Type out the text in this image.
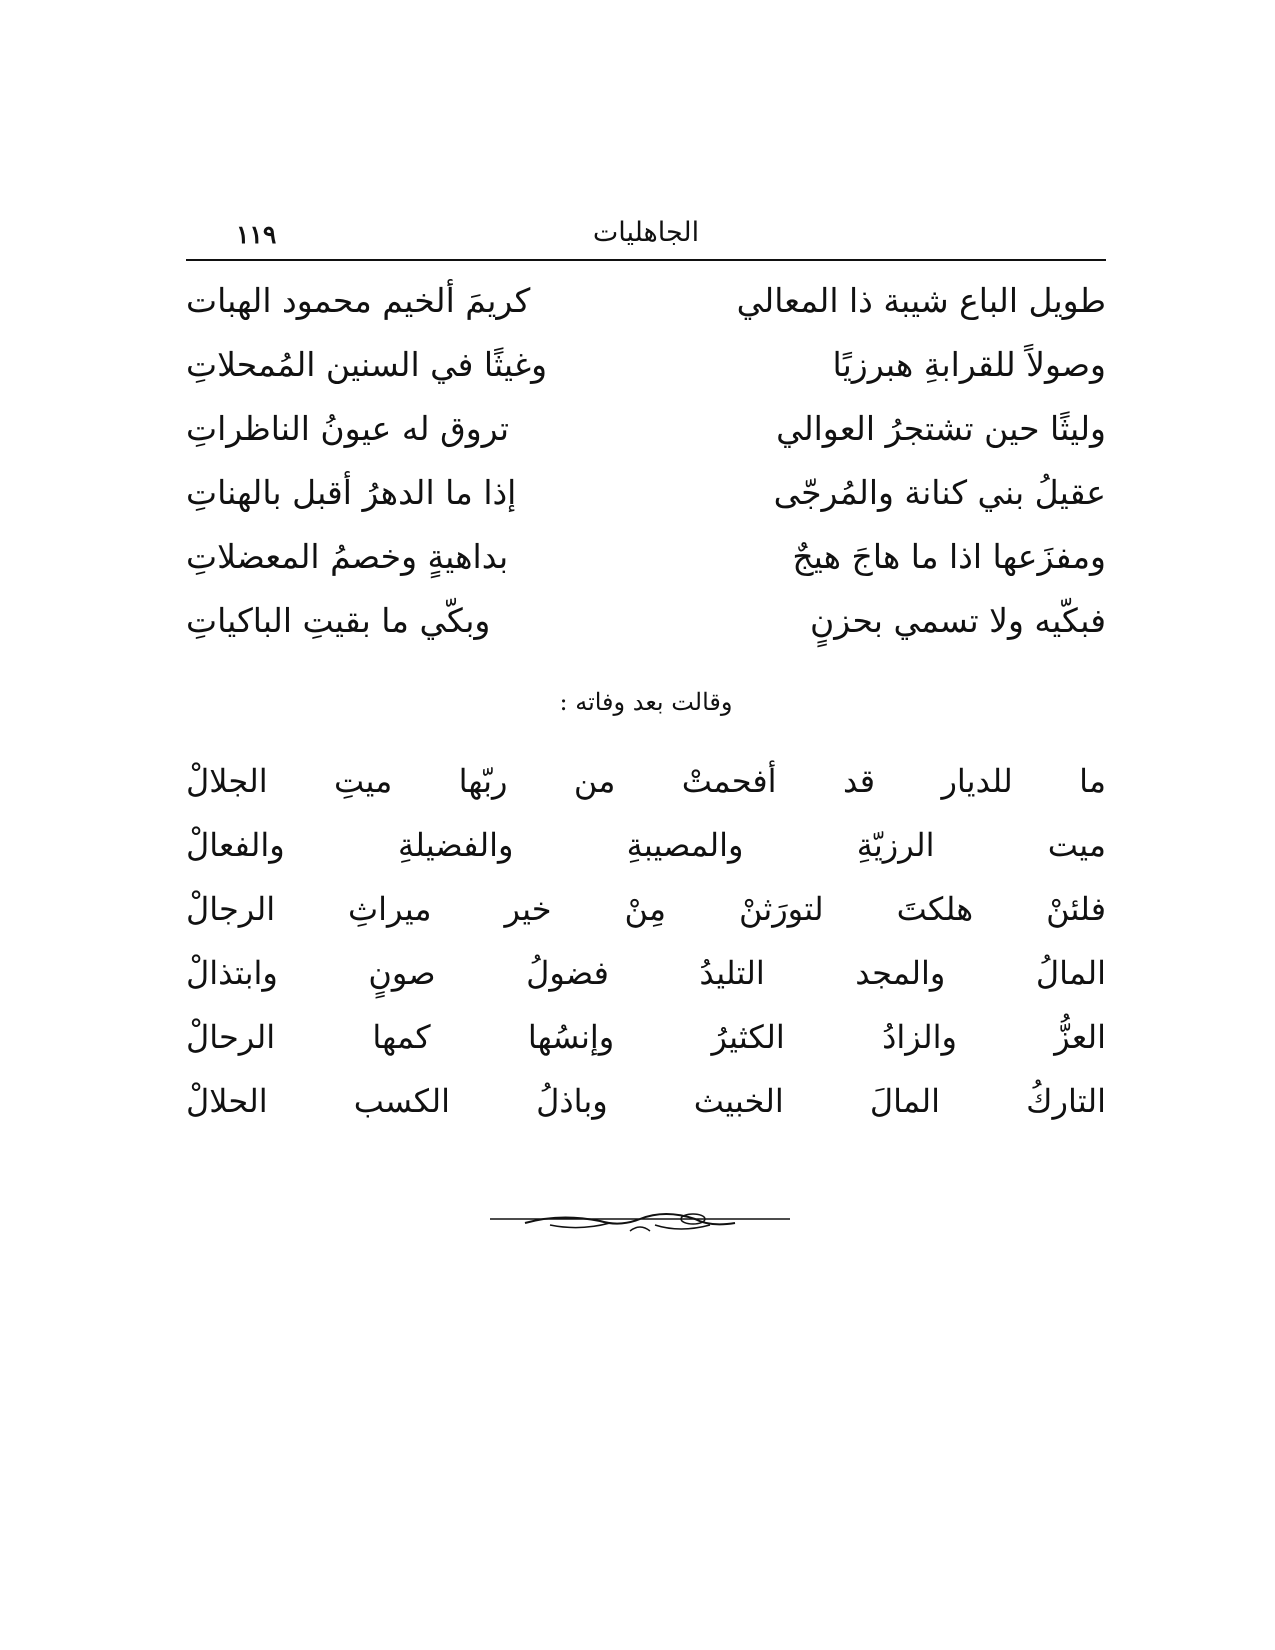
١١٩	الجاهليات
طويل الباع شيبة ذا المعالي
كريمَ ألخيم محمود الهبات
وصولاً للقرابةِ هبرزيًا
وغيثًا في السنين المُمحلاتِ
وليثًا حين تشتجرُ العوالي
تروق له عيونُ الناظراتِ
عقيلُ بني كنانة والمُرجّى
إذا ما الدهرُ أقبل بالهناتِ
ومفزَعها اذا ما هاجَ هيجٌ
بداهيةٍ وخصمُ المعضلاتِ
فبكّيه ولا تسمي بحزنٍ
وبكّي ما بقيتِ الباكياتِ
وقالت بعد وفاته :
ما للديار قد أفحمتْ من ربّها ميتِ الجلالْ
ميت الرزيّةِ والمصيبةِ والفضيلةِ والفعالْ
فلئنْ هلكتَ لتورَثنْ مِنْ خير ميراثِ الرجالْ
المالُ والمجد التليدُ فضولُ صونٍ وابتذالْ
العزُّ والزادُ الكثيرُ وإنسُها كمها الرحالْ
التاركُ المالَ الخبيث وباذلُ الكسب الحلالْ
